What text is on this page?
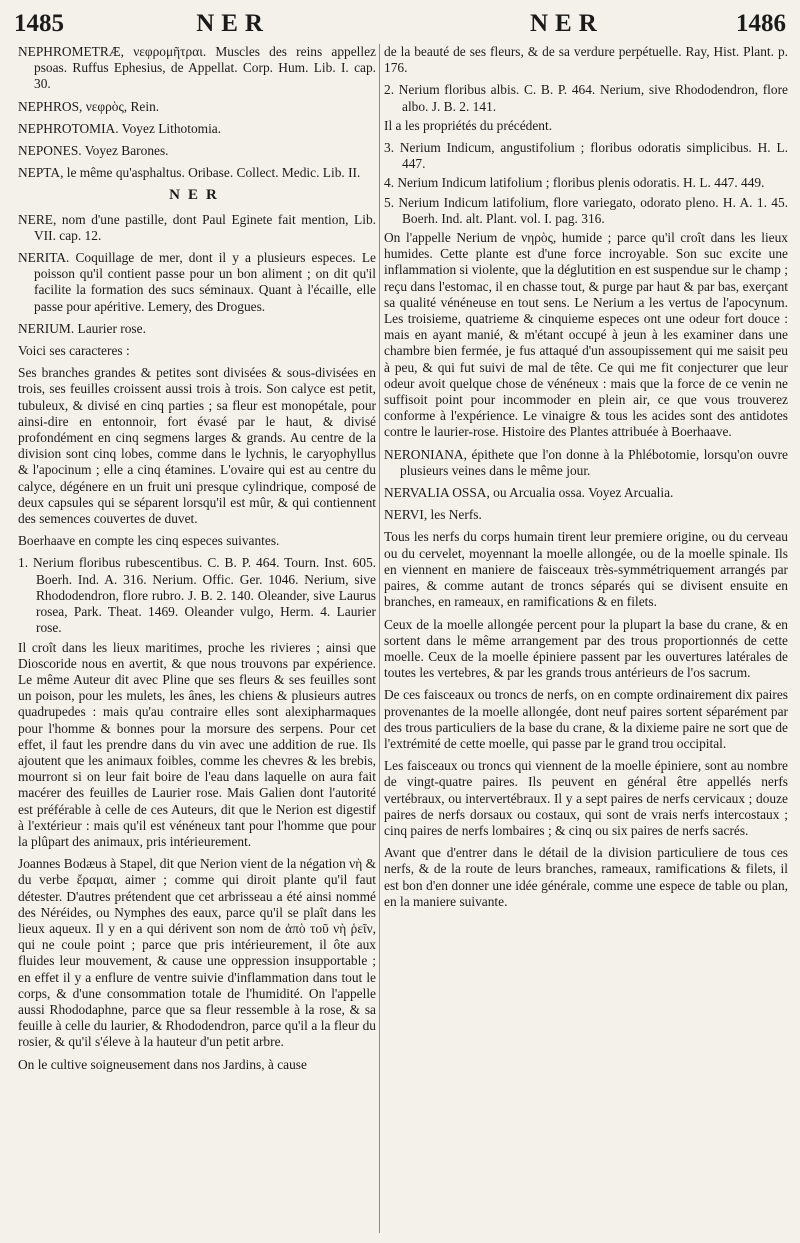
1485	NER	NER	1486

NEPHROMETRÆ, νεφρομῆτραι. Muscles des reins appellez psoas. Ruffus Ephesius, de Appellat. Corp. Hum. Lib. I. cap. 30.

NEPHROS, νεφρὸς, Rein.

NEPHROTOMIA. Voyez Lithotomia.

NEPONES. Voyez Barones.

NEPTA, le même qu'asphaltus. Oribase. Collect. Medic. Lib. II.

NER

NERE, nom d'une pastille, dont Paul Eginete fait mention, Lib. VII. cap. 12.

NERITA. Coquillage de mer, dont il y a plusieurs especes. Le poisson qu'il contient passe pour un bon aliment ; on dit qu'il facilite la formation des sucs séminaux. Quant à l'écaille, elle passe pour apéritive. Lemery, des Drogues.

NERIUM. Laurier rose.

Voici ses caracteres :

Ses branches grandes & petites sont divisées & sous-divisées en trois, ses feuilles croissent aussi trois à trois. Son calyce est petit, tubuleux, & divisé en cinq parties ; sa fleur est monopétale, pour ainsi-dire en entonnoir, fort évasé par le haut, & divisé profondément en cinq segmens larges & grands. Au centre de la division sont cinq lobes, comme dans le lychnis, le caryophyllus & l'apocinum ; elle a cinq étamines. L'ovaire qui est au centre du calyce, dégénere en un fruit uni presque cylindrique, composé de deux capsules qui se séparent lorsqu'il est mûr, & qui contiennent des semences couvertes de duvet.

Boerhaave en compte les cinq especes suivantes.

1. Nerium floribus rubescentibus. C. B. P. 464. Tourn. Inst. 605. Boerh. Ind. A. 316. Nerium. Offic. Ger. 1046. Nerium, sive Rhododendron, flore rubro. J. B. 2. 140. Oleander, sive Laurus rosea, Park. Theat. 1469. Oleander vulgo, Herm. 4. Laurier rose.

Il croît dans les lieux maritimes, proche les rivieres ; ainsi que Dioscoride nous en avertit, & que nous trouvons par expérience. Le même Auteur dit avec Pline que ses fleurs & ses feuilles sont un poison, pour les mulets, les ânes, les chiens & plusieurs autres quadrupedes : mais qu'au contraire elles sont alexipharmaques pour l'homme & bonnes pour la morsure des serpens. Pour cet effet, il faut les prendre dans du vin avec une addition de rue. Ils ajoutent que les animaux foibles, comme les chevres & les brebis, mourront si on leur fait boire de l'eau dans laquelle on aura fait macérer des feuilles de Laurier rose. Mais Galien dont l'autorité est préférable à celle de ces Auteurs, dit que le Nerion est digestif à l'extérieur : mais qu'il est vénéneux tant pour l'homme que pour la plûpart des animaux, pris intérieurement.

Joannes Bodæus à Stapel, dit que Nerion vient de la négation νὴ & du verbe ἔραμαι, aimer ; comme qui diroit plante qu'il faut détester. D'autres prétendent que cet arbrisseau a été ainsi nommé des Néréides, ou Nymphes des eaux, parce qu'il se plaît dans les lieux aqueux. Il y en a qui dérivent son nom de ἀπὸ τοῦ νὴ ῥεῖν, qui ne coule point ; parce que pris intérieurement, il ôte aux fluides leur mouvement, & cause une oppression insupportable ; en effet il y a enflure de ventre suivie d'inflammation dans tout le corps, & d'une consommation totale de l'humidité. On l'appelle aussi Rhododaphne, parce que sa fleur ressemble à la rose, & sa feuille à celle du laurier, & Rhododendron, parce qu'il a la fleur du rosier, & qu'il s'éleve à la hauteur d'un petit arbre.

On le cultive soigneusement dans nos Jardins, à cause

de la beauté de ses fleurs, & de sa verdure perpétuelle. Ray, Hist. Plant. p. 176.

2. Nerium floribus albis. C. B. P. 464. Nerium, sive Rhododendron, flore albo. J. B. 2. 141.

Il a les propriétés du précédent.

3. Nerium Indicum, angustifolium ; floribus odoratis simplicibus. H. L. 447.

4. Nerium Indicum latifolium ; floribus plenis odoratis. H. L. 447. 449.

5. Nerium Indicum latifolium, flore variegato, odorato pleno. H. A. 1. 45. Boerh. Ind. alt. Plant. vol. I. pag. 316.

On l'appelle Nerium de νηρὸς, humide ; parce qu'il croît dans les lieux humides. Cette plante est d'une force incroyable. Son suc excite une inflammation si violente, que la déglutition en est suspendue sur le champ ; reçu dans l'estomac, il en chasse tout, & purge par haut & par bas, exerçant sa qualité vénéneuse en tout sens. Le Nerium a les vertus de l'apocynum. Les troisieme, quatrieme & cinquieme especes ont une odeur fort douce : mais en ayant manié, & m'étant occupé à jeun à les examiner dans une chambre bien fermée, je fus attaqué d'un assoupissement qui me saisit peu à peu, & qui fut suivi de mal de tête. Ce qui me fit conjecturer que leur odeur avoit quelque chose de vénéneux : mais que la force de ce venin ne suffisoit point pour incommoder en plein air, ce que vous trouverez conforme à l'expérience. Le vinaigre & tous les acides sont des antidotes contre le laurier-rose. Histoire des Plantes attribuée à Boerhaave.

NERONIANA, épithete que l'on donne à la Phlébotomie, lorsqu'on ouvre plusieurs veines dans le même jour.

NERVALIA OSSA, ou Arcualia ossa. Voyez Arcualia.

NERVI, les Nerfs.

Tous les nerfs du corps humain tirent leur premiere origine, ou du cerveau ou du cervelet, moyennant la moelle allongée, ou de la moelle spinale. Ils en viennent en maniere de faisceaux très-symmétriquement arrangés par paires, & comme autant de troncs séparés qui se divisent ensuite en branches, en rameaux, en ramifications & en filets.

Ceux de la moelle allongée percent pour la plupart la base du crane, & en sortent dans le même arrangement par des trous proportionnés de cette moelle. Ceux de la moelle épiniere passent par les ouvertures latérales de toutes les vertebres, & par les grands trous antérieurs de l'os sacrum.

De ces faisceaux ou troncs de nerfs, on en compte ordinairement dix paires provenantes de la moelle allongée, dont neuf paires sortent séparément par des trous particuliers de la base du crane, & la dixieme paire ne sort que de l'extrémité de cette moelle, qui passe par le grand trou occipital.

Les faisceaux ou troncs qui viennent de la moelle épiniere, sont au nombre de vingt-quatre paires. Ils peuvent en général être appellés nerfs vertébraux, ou intervertébraux. Il y a sept paires de nerfs cervicaux ; douze paires de nerfs dorsaux ou costaux, qui sont de vrais nerfs intercostaux ; cinq paires de nerfs lombaires ; & cinq ou six paires de nerfs sacrés.

Avant que d'entrer dans le détail de la division particuliere de tous ces nerfs, & de la route de leurs branches, rameaux, ramifications & filets, il est bon d'en donner une idée générale, comme une espece de table ou plan, en la maniere suivante.
